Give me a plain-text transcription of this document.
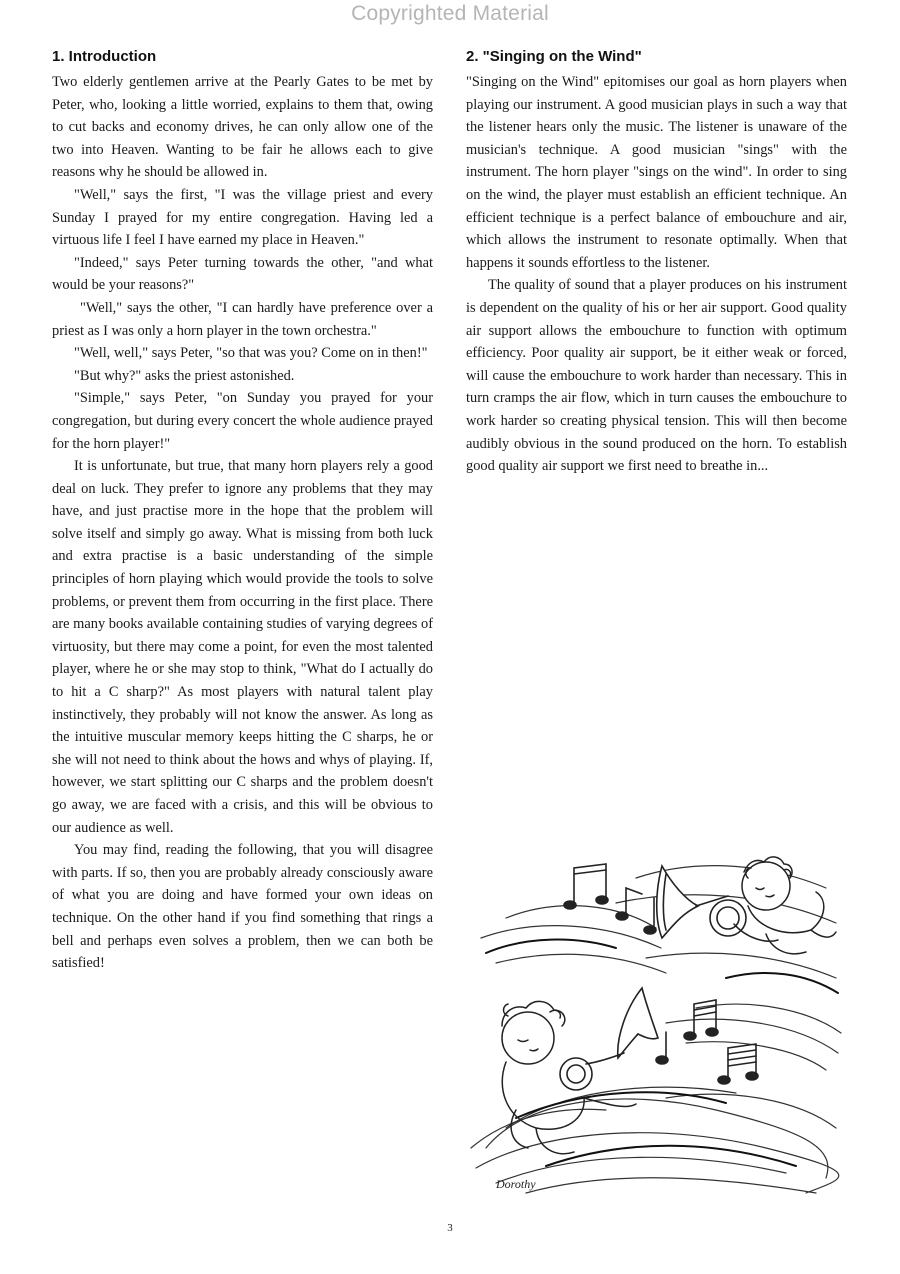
Copyrighted Material
1. Introduction

Two elderly gentlemen arrive at the Pearly Gates to be met by Peter, who, looking a little worried, explains to them that, owing to cut backs and economy drives, he can only allow one of the two into Heaven. Wanting to be fair he allows each to give reasons why he should be allowed in.

"Well," says the first, "I was the village priest and every Sunday I prayed for my entire congregation. Having led a virtuous life I feel I have earned my place in Heaven."

"Indeed," says Peter turning towards the other, "and what would be your reasons?"

"Well," says the other, "I can hardly have preference over a priest as I was only a horn player in the town orchestra."

"Well, well," says Peter, "so that was you? Come on in then!"

"But why?" asks the priest astonished.

"Simple," says Peter, "on Sunday you prayed for your congregation, but during every concert the whole audience prayed for the horn player!"

It is unfortunate, but true, that many horn players rely a good deal on luck. They prefer to ignore any problems that they may have, and just practise more in the hope that the problem will solve itself and simply go away. What is missing from both luck and extra practise is a basic understanding of the simple principles of horn playing which would provide the tools to solve problems, or prevent them from occurring in the first place. There are many books available containing studies of varying degrees of virtuosity, but there may come a point, for even the most talented player, where he or she may stop to think, "What do I actually do to hit a C sharp?" As most players with natural talent play instinctively, they probably will not know the answer. As long as the intuitive muscular memory keeps hitting the C sharps, he or she will not need to think about the hows and whys of playing. If, however, we start splitting our C sharps and the problem doesn't go away, we are faced with a crisis, and this will be obvious to our audience as well.

You may find, reading the following, that you will disagree with parts. If so, then you are probably already consciously aware of what you are doing and have formed your own ideas on technique. On the other hand if you find something that rings a bell and perhaps even solves a problem, then we can both be satisfied!

2. "Singing on the Wind"

"Singing on the Wind" epitomises our goal as horn players when playing our instrument. A good musician plays in such a way that the listener hears only the music. The listener is unaware of the musician's technique. A good musician "sings" with the instrument. The horn player "sings on the wind". In order to sing on the wind, the player must establish an efficient technique. An efficient technique is a perfect balance of embouchure and air, which allows the instrument to resonate optimally. When that happens it sounds effortless to the listener.

The quality of sound that a player produces on his instrument is dependent on the quality of his or her air support. Good quality air support allows the embouchure to function with optimum efficiency. Poor quality air support, be it either weak or forced, will cause the embouchure to work harder than necessary. This in turn cramps the air flow, which in turn causes the embouchure to work harder so creating physical tension. This will then become audibly obvious in the sound produced on the horn. To establish good quality air support we first need to breathe in...

Dorothy
3
